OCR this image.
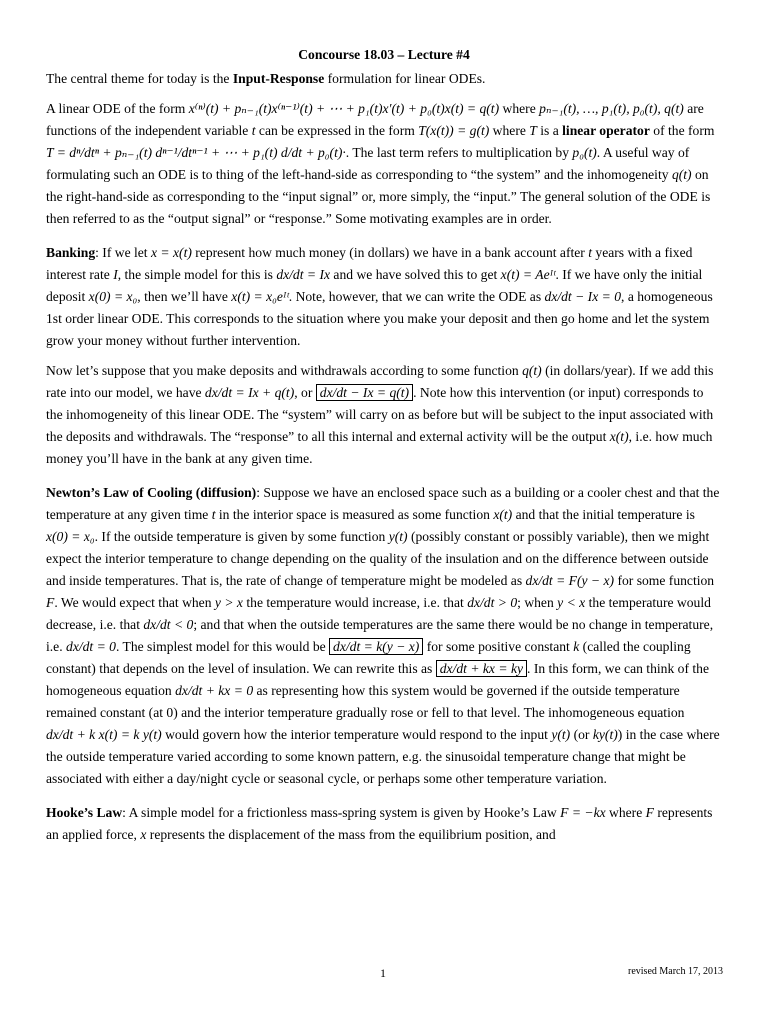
Concourse 18.03 – Lecture #4

The central theme for today is the Input-Response formulation for linear ODEs.

A linear ODE of the form x⁽ⁿ⁾(t) + pₙ₋₁(t)x⁽ⁿ⁻¹⁾(t) + ⋯ + p₁(t)x′(t) + p₀(t)x(t) = q(t) where pₙ₋₁(t), …, p₁(t), p₀(t), q(t) are functions of the independent variable t can be expressed in the form T(x(t)) = g(t) where T is a linear operator of the form T = dⁿ/dtⁿ + pₙ₋₁(t) dⁿ⁻¹/dtⁿ⁻¹ + ⋯ + p₁(t) d/dt + p₀(t)·. The last term refers to multiplication by p₀(t). A useful way of formulating such an ODE is to thing of the left-hand-side as corresponding to “the system” and the inhomogeneity q(t) on the right-hand-side as corresponding to the “input signal” or, more simply, the “input.” The general solution of the ODE is then referred to as the “output signal” or “response.” Some motivating examples are in order.

Banking: If we let x = x(t) represent how much money (in dollars) we have in a bank account after t years with a fixed interest rate I, the simple model for this is dx/dt = Ix and we have solved this to get x(t) = Aeᴵᵗ. If we have only the initial deposit x(0) = x₀, then we’ll have x(t) = x₀eᴵᵗ. Note, however, that we can write the ODE as dx/dt − Ix = 0, a homogeneous 1st order linear ODE. This corresponds to the situation where you make your deposit and then go home and let the system grow your money without further intervention.

Now let’s suppose that you make deposits and withdrawals according to some function q(t) (in dollars/year). If we add this rate into our model, we have dx/dt = Ix + q(t), or dx/dt − Ix = q(t) . Note how this intervention (or input) corresponds to the inhomogeneity of this linear ODE. The “system” will carry on as before but will be subject to the input associated with the deposits and withdrawals. The “response” to all this internal and external activity will be the output x(t), i.e. how much money you’ll have in the bank at any given time.

Newton’s Law of Cooling (diffusion): Suppose we have an enclosed space such as a building or a cooler chest and that the temperature at any given time t in the interior space is measured as some function x(t) and that the initial temperature is x(0) = x₀. If the outside temperature is given by some function y(t) (possibly constant or possibly variable), then we might expect the interior temperature to change depending on the quality of the insulation and on the difference between outside and inside temperatures. That is, the rate of change of temperature might be modeled as dx/dt = F(y − x) for some function F. We would expect that when y > x the temperature would increase, i.e. that dx/dt > 0; when y < x the temperature would decrease, i.e. that dx/dt < 0; and that when the outside temperatures are the same there would be no change in temperature, i.e. dx/dt = 0. The simplest model for this would be dx/dt = k(y − x) for some positive constant k (called the coupling constant) that depends on the level of insulation. We can rewrite this as dx/dt + kx = ky . In this form, we can think of the homogeneous equation dx/dt + kx = 0 as representing how this system would be governed if the outside temperature remained constant (at 0) and the interior temperature gradually rose or fell to that level. The inhomogeneous equation dx/dt + k x(t) = k y(t) would govern how the interior temperature would respond to the input y(t) (or ky(t)) in the case where the outside temperature varied according to some known pattern, e.g. the sinusoidal temperature change that might be associated with either a day/night cycle or seasonal cycle, or perhaps some other temperature variation.

Hooke’s Law: A simple model for a frictionless mass-spring system is given by Hooke’s Law F = −kx where F represents an applied force, x represents the displacement of the mass from the equilibrium position, and

1	revised March 17, 2013
